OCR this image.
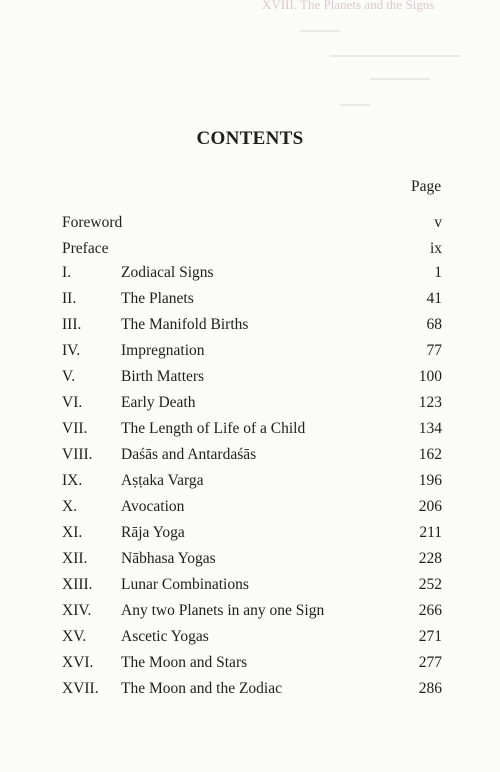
XVIII. The Planets and the Signs
CONTENTS
Page
Foreword	v
Preface	ix
I.	Zodiacal Signs	1
II.	The Planets	41
III.	The Manifold Births	68
IV.	Impregnation	77
V.	Birth Matters	100
VI.	Early Death	123
VII. The Length of Life of a Child	134
VIII. Daśās and Antardaśās	162
IX.	Aṣṭaka Varga	196
X.	Avocation	206
XI.	Rāja Yoga	211
XII. Nābhasa Yogas	228
XIII. Lunar Combinations	252
XIV. Any two Planets in any one Sign	266
XV. Ascetic Yogas	271
XVI. The Moon and Stars	277
XVII. The Moon and the Zodiac	286
